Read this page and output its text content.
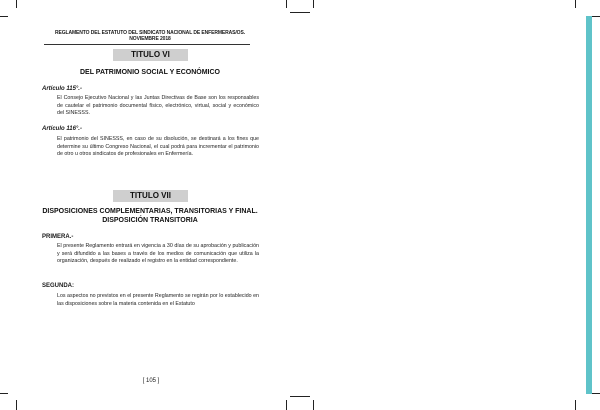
REGLAMENTO DEL ESTATUTO DEL SINDICATO NACIONAL DE ENFERMERAS/OS.
NOVIEMBRE 2018
TITULO VI
DEL PATRIMONIO SOCIAL Y ECONÓMICO
Artículo 115°.-
El Consejo Ejecutivo Nacional y las Juntas Directivas de Base son los responsables de cautelar el patrimonio documental físico, electrónico, virtual, social y económico del SINESSS.
Artículo 116°.-
El patrimonio del SINESSS, en caso de su disolución, se destinará a los fines que determine su último Congreso Nacional, el cual podrá para incrementar el patrimonio de otro u otros sindicatos de profesionales en Enfermería.
TITULO VII
DISPOSICIONES COMPLEMENTARIAS, TRANSITORIAS Y FINAL.
DISPOSICIÓN TRANSITORIA
PRIMERA.-
El presente Reglamento entrará en vigencia a 30 días de su aprobación y publicación y será difundido a las bases a través de los medios de comunicación que utiliza la organización, después de realizado el registro en la entidad correspondiente.
SEGUNDA:
Los aspectos no previstos en el presente Reglamento se regirán por lo establecido en las disposiciones sobre la materia contenida en el Estatuto
[ 105 ]
